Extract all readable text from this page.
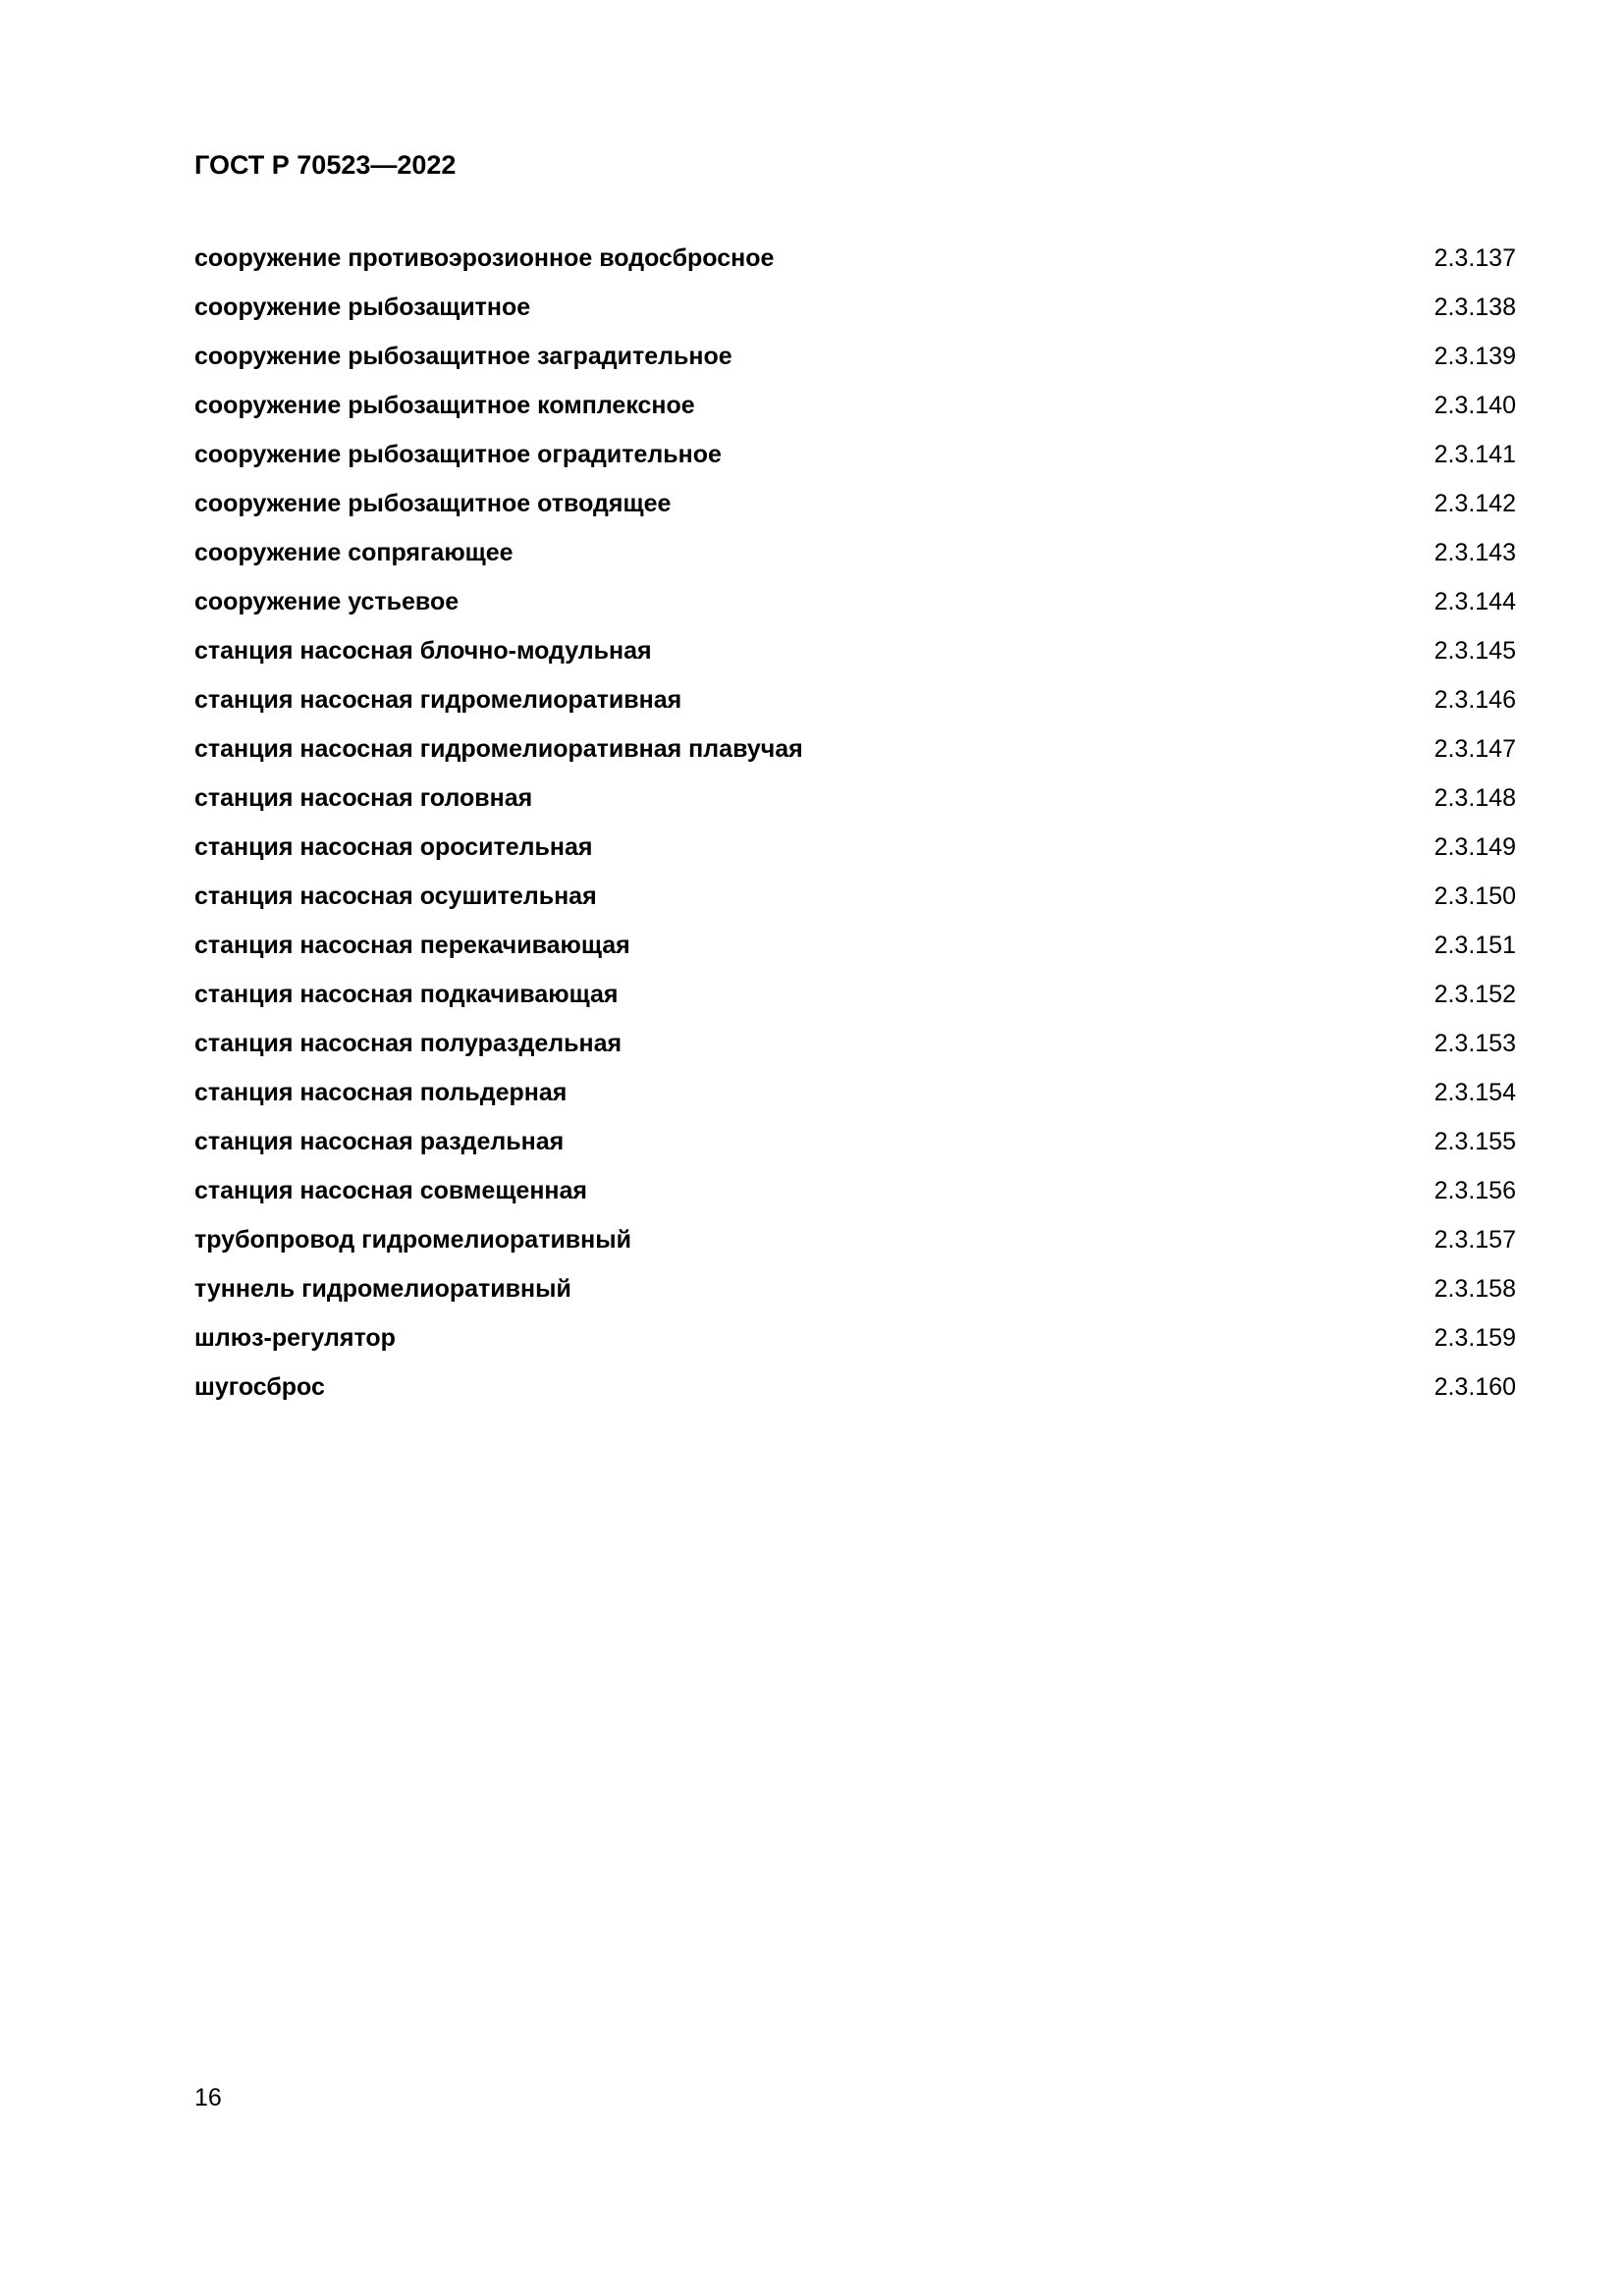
ГОСТ Р 70523—2022
сооружение противоэрозионное водосбросное	2.3.137
сооружение рыбозащитное	2.3.138
сооружение рыбозащитное заградительное	2.3.139
сооружение рыбозащитное комплексное	2.3.140
сооружение рыбозащитное оградительное	2.3.141
сооружение рыбозащитное отводящее	2.3.142
сооружение сопрягающее	2.3.143
сооружение устьевое	2.3.144
станция насосная блочно-модульная	2.3.145
станция насосная гидромелиоративная	2.3.146
станция насосная гидромелиоративная плавучая	2.3.147
станция насосная головная	2.3.148
станция насосная оросительная	2.3.149
станция насосная осушительная	2.3.150
станция насосная перекачивающая	2.3.151
станция насосная подкачивающая	2.3.152
станция насосная полураздельная	2.3.153
станция насосная польдерная	2.3.154
станция насосная раздельная	2.3.155
станция насосная совмещенная	2.3.156
трубопровод гидромелиоративный	2.3.157
туннель гидромелиоративный	2.3.158
шлюз-регулятор	2.3.159
шугосброс	2.3.160
16
